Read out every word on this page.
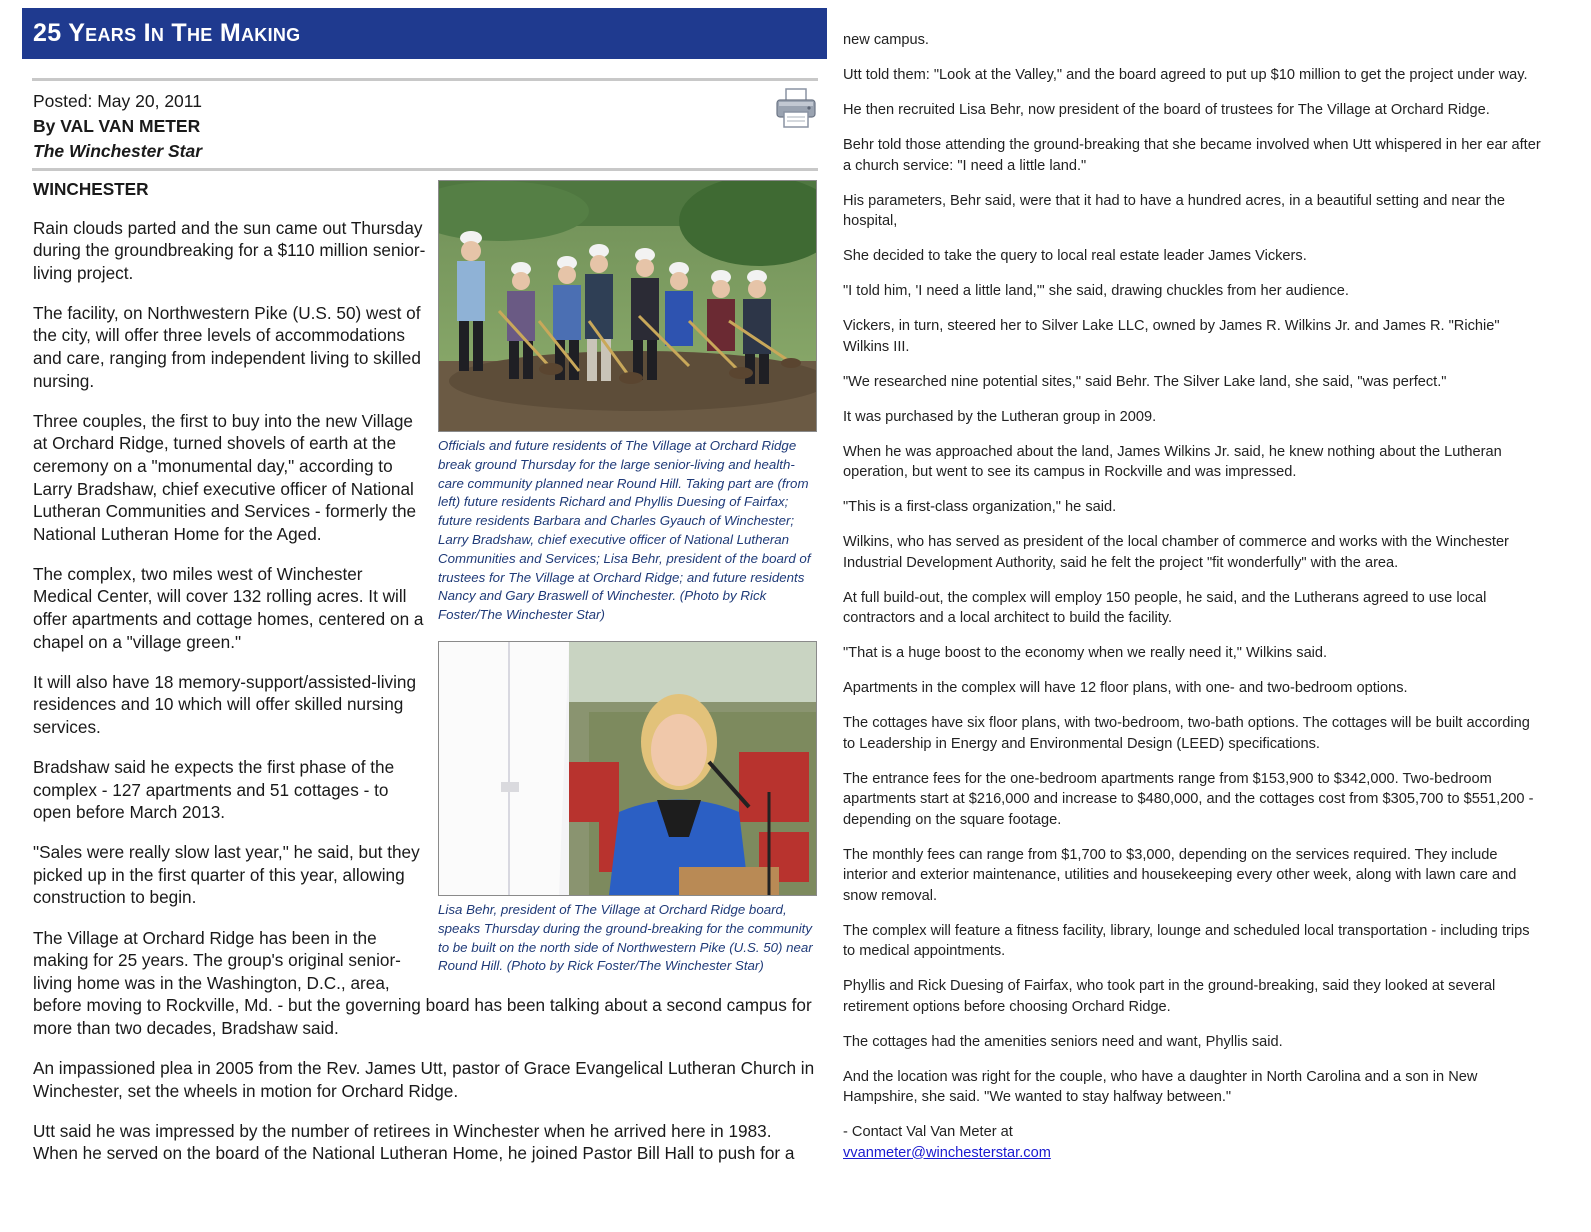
25 Years In The Making
Posted: May 20, 2011
By VAL VAN METER
The Winchester Star
Officials and future residents of The Village at Orchard Ridge break ground Thursday for the large senior-living and health-care community planned near Round Hill. Taking part are (from left) future residents Richard and Phyllis Duesing of Fairfax; future residents Barbara and Charles Gyauch of Winchester; Larry Bradshaw, chief executive officer of National Lutheran Communities and Services; Lisa Behr, president of the board of trustees for The Village at Orchard Ridge; and future residents Nancy and Gary Braswell of Winchester. (Photo by Rick Foster/The Winchester Star)
Lisa Behr, president of The Village at Orchard Ridge board, speaks Thursday during the ground-breaking for the community to be built on the north side of Northwestern Pike (U.S. 50) near Round Hill. (Photo by Rick Foster/The Winchester Star)
WINCHESTER

Rain clouds parted and the sun came out Thursday during the groundbreaking for a $110 million senior-living project.

The facility, on Northwestern Pike (U.S. 50) west of the city, will offer three levels of accommodations and care, ranging from independent living to skilled nursing.

Three couples, the first to buy into the new Village at Orchard Ridge, turned shovels of earth at the ceremony on a "monumental day," according to Larry Bradshaw, chief executive officer of National Lutheran Communities and Services - formerly the National Lutheran Home for the Aged.

The complex, two miles west of Winchester Medical Center, will cover 132 rolling acres. It will offer apartments and cottage homes, centered on a chapel on a "village green."

It will also have 18 memory-support/assisted-living residences and 10 which will offer skilled nursing services.

Bradshaw said he expects the first phase of the complex - 127 apartments and 51 cottages - to open before March 2013.

"Sales were really slow last year," he said, but they picked up in the first quarter of this year, allowing construction to begin.

The Village at Orchard Ridge has been in the making for 25 years. The group's original senior-living home was in the Washington, D.C., area, before moving to Rockville, Md. - but the governing board has been talking about a second campus for more than two decades, Bradshaw said.

An impassioned plea in 2005 from the Rev. James Utt, pastor of Grace Evangelical Lutheran Church in Winchester, set the wheels in motion for Orchard Ridge.

Utt said he was impressed by the number of retirees in Winchester when he arrived here in 1983. When he served on the board of the National Lutheran Home, he joined Pastor Bill Hall to push for a

new campus.

Utt told them: "Look at the Valley," and the board agreed to put up $10 million to get the project under way.

He then recruited Lisa Behr, now president of the board of trustees for The Village at Orchard Ridge.

Behr told those attending the ground-breaking that she became involved when Utt whispered in her ear after a church service: "I need a little land."

His parameters, Behr said, were that it had to have a hundred acres, in a beautiful setting and near the hospital,

She decided to take the query to local real estate leader James Vickers.

"I told him, 'I need a little land,'" she said, drawing chuckles from her audience.

Vickers, in turn, steered her to Silver Lake LLC, owned by James R. Wilkins Jr. and James R. "Richie" Wilkins III.

"We researched nine potential sites," said Behr. The Silver Lake land, she said, "was perfect."

It was purchased by the Lutheran group in 2009.

When he was approached about the land, James Wilkins Jr. said, he knew nothing about the Lutheran operation, but went to see its campus in Rockville and was impressed.

"This is a first-class organization," he said.

Wilkins, who has served as president of the local chamber of commerce and works with the Winchester Industrial Development Authority, said he felt the project "fit wonderfully" with the area.

At full build-out, the complex will employ 150 people, he said, and the Lutherans agreed to use local contractors and a local architect to build the facility.

"That is a huge boost to the economy when we really need it," Wilkins said.

Apartments in the complex will have 12 floor plans, with one- and two-bedroom options.

The cottages have six floor plans, with two-bedroom, two-bath options. The cottages will be built according to Leadership in Energy and Environmental Design (LEED) specifications.

The entrance fees for the one-bedroom apartments range from $153,900 to $342,000. Two-bedroom apartments start at $216,000 and increase to $480,000, and the cottages cost from $305,700 to $551,200 - depending on the square footage.

The monthly fees can range from $1,700 to $3,000, depending on the services required. They include interior and exterior maintenance, utilities and housekeeping every other week, along with lawn care and snow removal.

The complex will feature a fitness facility, library, lounge and scheduled local transportation - including trips to medical appointments.

Phyllis and Rick Duesing of Fairfax, who took part in the ground-breaking, said they looked at several retirement options before choosing Orchard Ridge.

The cottages had the amenities seniors need and want, Phyllis said.

And the location was right for the couple, who have a daughter in North Carolina and a son in New Hampshire, she said. "We wanted to stay halfway between."

- Contact Val Van Meter at
vvanmeter@winchesterstar.com
